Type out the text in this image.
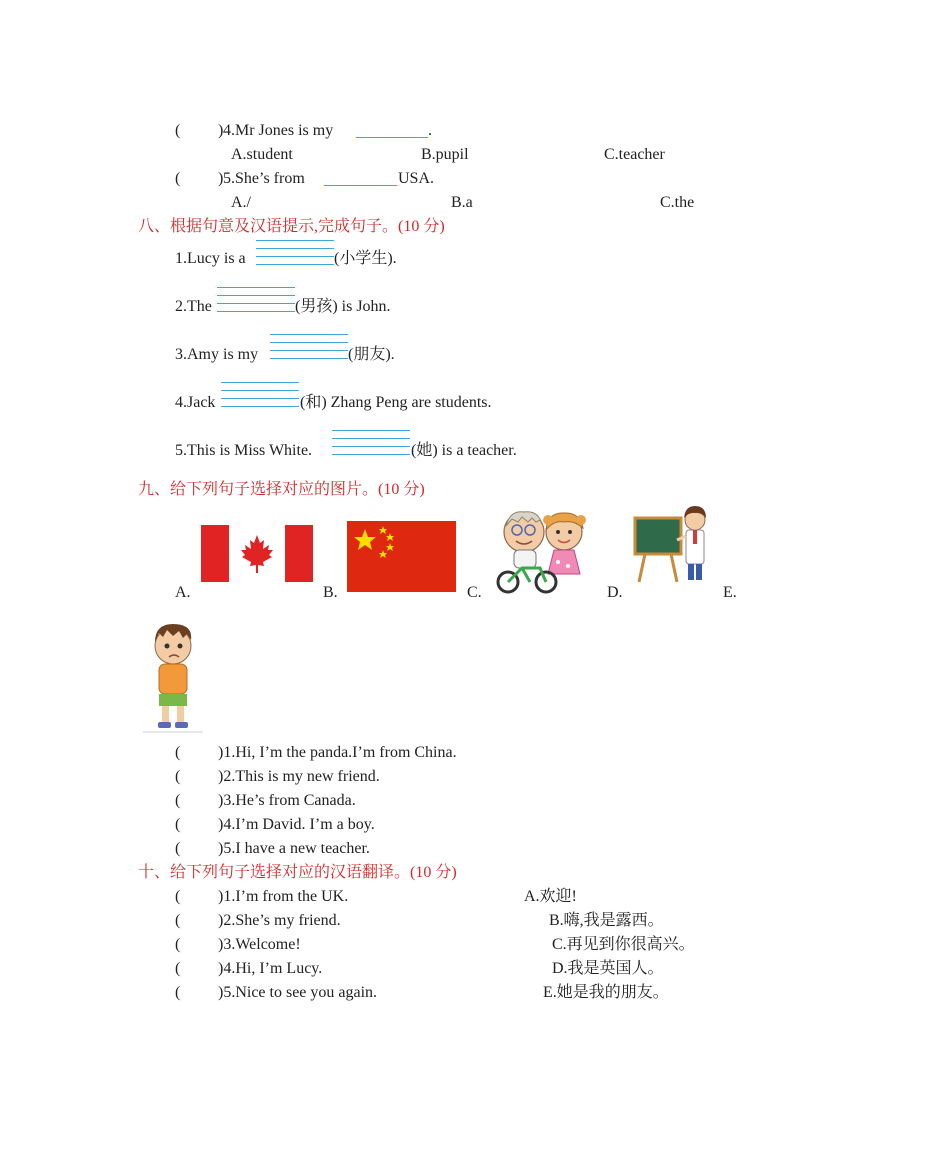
( ) 4.Mr Jones is my	.
A.student	B.pupil	C.teacher
( ) 5.She’s from	USA.
A./	B.a	C.the
八、根据句意及汉语提示,完成句子。(10 分)
1.Lucy is a	(小学生).
2.The	(男孩) is John.
3.Amy is my	(朋友).
4.Jack	(和) Zhang Peng are students.
5.This is Miss White.	(她) is a teacher.
九、给下列句子选择对应的图片。(10 分)
A.	B.	C.	D.	E.
( )1.Hi, I’m the panda.I’m from China.
( )2.This is my new friend.
( )3.He’s from Canada.
( )4.I’m David. I’m a boy.
( )5.I have a new teacher.
十、给下列句子选择对应的汉语翻译。(10 分)
( )1.I’m from the UK.	A.欢迎!
( )2.She’s my friend.	B.嗨,我是露西。
( )3.Welcome!	C.再见到你很高兴。
( )4.Hi, I’m Lucy.	D.我是英国人。
( )5.Nice to see you again.	E.她是我的朋友。
